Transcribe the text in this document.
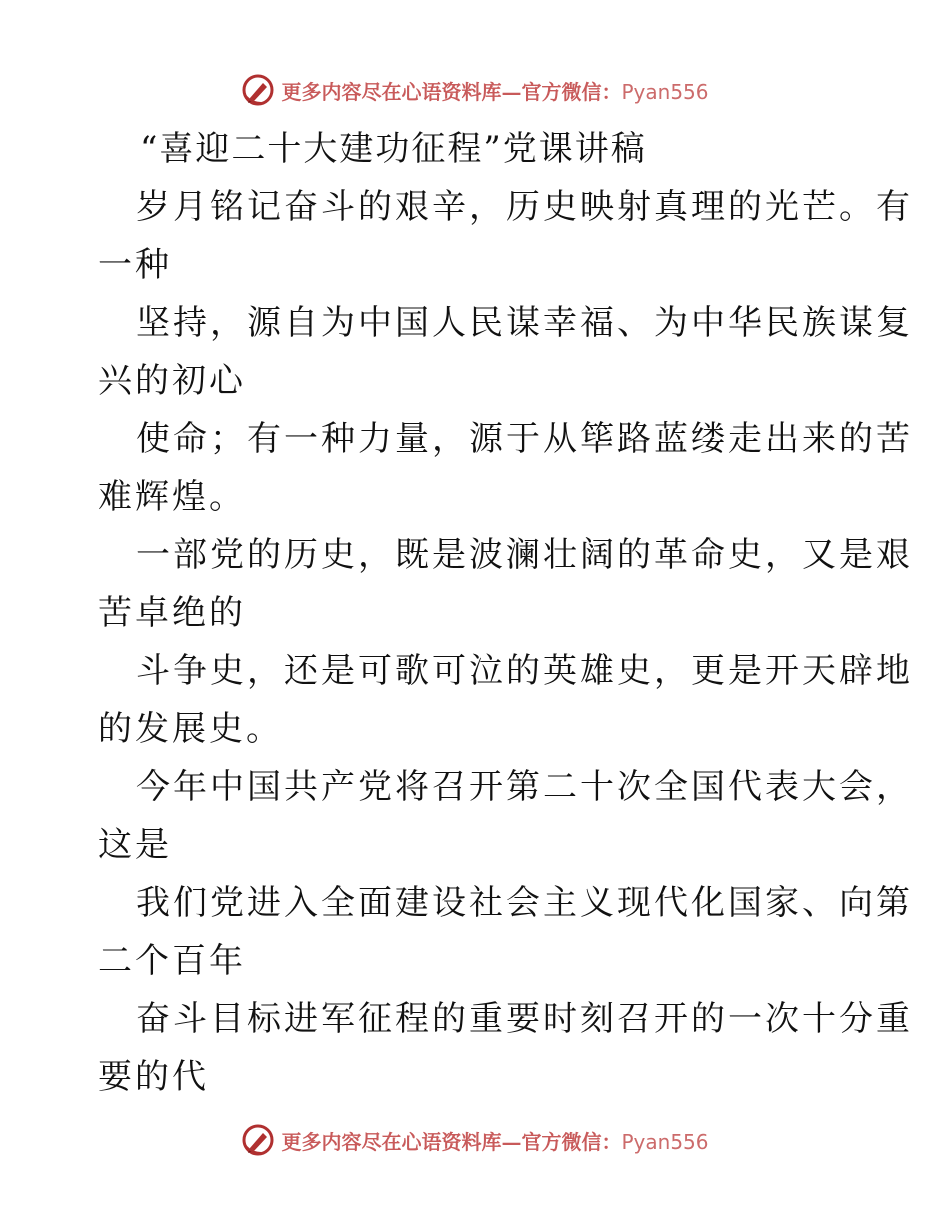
更多内容尽在心语资料库—官方微信：Pyan556
“喜迎二十大建功征程”党课讲稿
岁月铭记奋斗的艰辛，历史映射真理的光芒。有
一种
坚持，源自为中国人民谋幸福、为中华民族谋复
兴的初心
使命；有一种力量，源于从筚路蓝缕走出来的苦
难辉煌。
一部党的历史，既是波澜壮阔的革命史，又是艰
苦卓绝的
斗争史，还是可歌可泣的英雄史，更是开天辟地
的发展史。
今年中国共产党将召开第二十次全国代表大会，
这是
我们党进入全面建设社会主义现代化国家、向第
二个百年
奋斗目标进军征程的重要时刻召开的一次十分重
要的代
更多内容尽在心语资料库—官方微信：Pyan556
